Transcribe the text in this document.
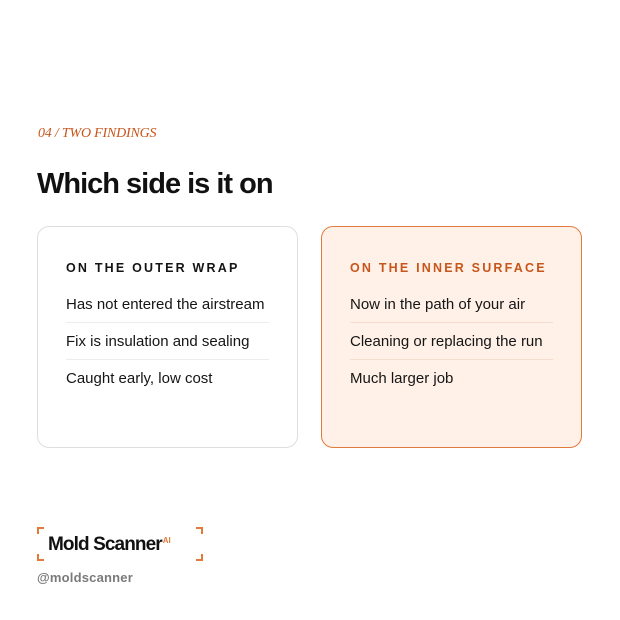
04 / TWO FINDINGS
Which side is it on
ON THE OUTER WRAP
Has not entered the airstream
Fix is insulation and sealing
Caught early, low cost
ON THE INNER SURFACE
Now in the path of your air
Cleaning or replacing the run
Much larger job
Mold Scanner$^{AI}$
@moldscanner
